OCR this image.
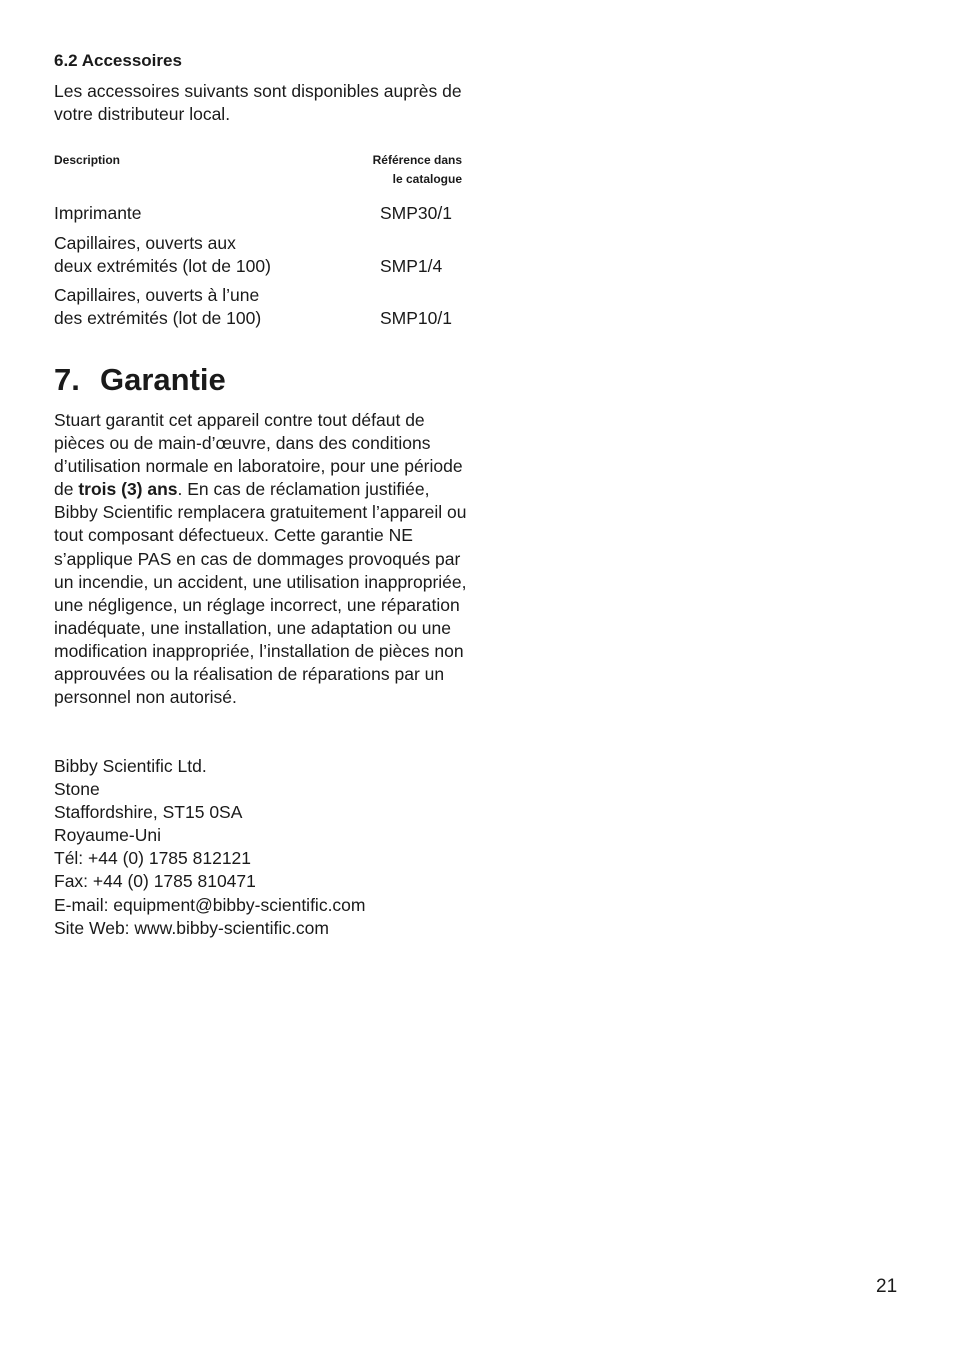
6.2 Accessoires

Les accessoires suivants sont disponibles auprès de votre distributeur local.

Description	Référence dans
le catalogue
Imprimante	SMP30/1
Capillaires, ouverts aux
deux extrémités (lot de 100)	SMP1/4
Capillaires, ouverts à l’une
des extrémités (lot de 100)	SMP10/1
7. Garantie

Stuart garantit cet appareil contre tout défaut de pièces ou de main-d’œuvre, dans des conditions d’utilisation normale en laboratoire, pour une période de trois (3) ans. En cas de réclamation justifiée, Bibby Scientific remplacera gratuitement l’appareil ou tout composant défectueux. Cette garantie NE s’applique PAS en cas de dommages provoqués par un incendie, un accident, une utilisation inappropriée, une négligence, un réglage incorrect, une réparation inadéquate, une installation, une adaptation ou une modification inappropriée, l’installation de pièces non approuvées ou la réalisation de réparations par un personnel non autorisé.

Bibby Scientific Ltd.
Stone
Staffordshire, ST15 0SA
Royaume-Uni
Tél: +44 (0) 1785 812121
Fax: +44 (0) 1785 810471
E-mail: equipment@bibby-scientific.com
Site Web: www.bibby-scientific.com
21
